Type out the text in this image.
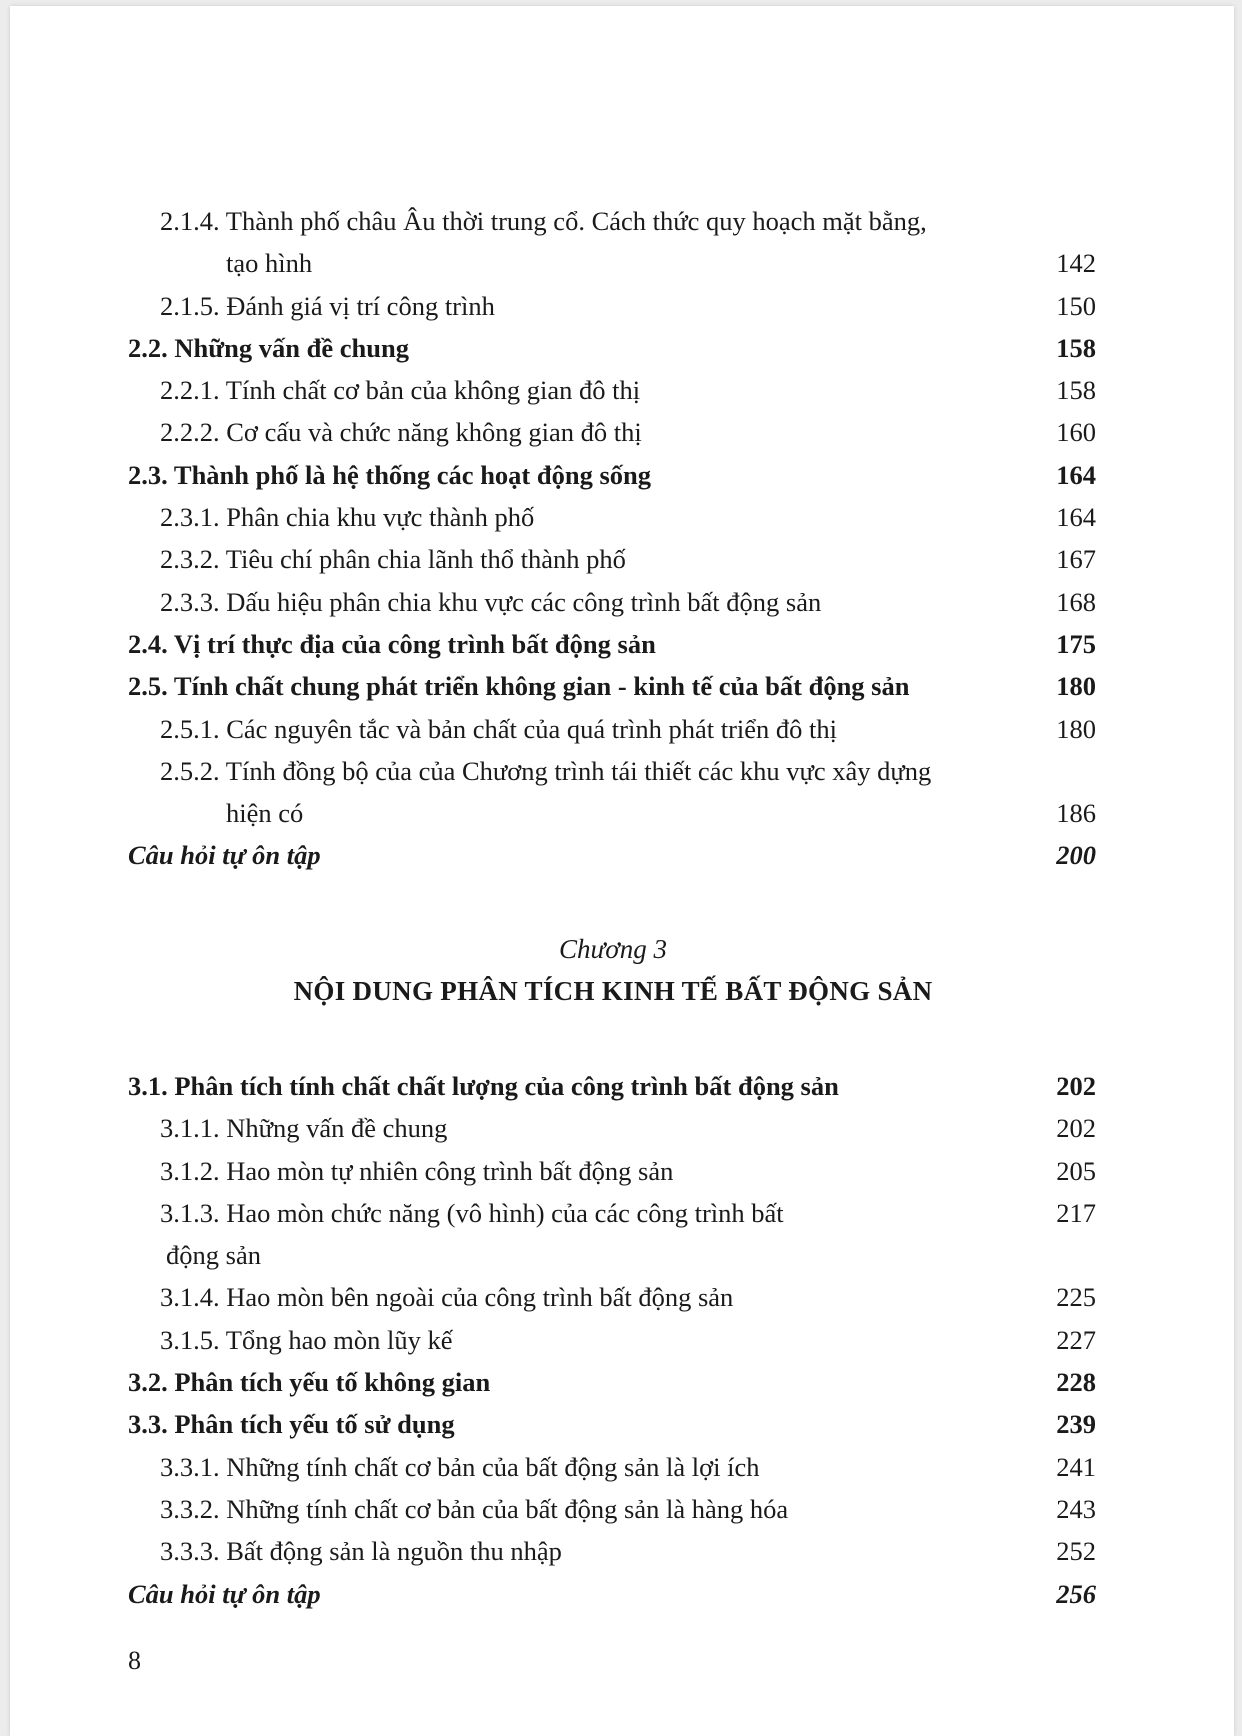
2.1.4. Thành phố châu Âu thời trung cổ. Cách thức quy hoạch mặt bằng,
tạo hình	142
2.1.5. Đánh giá vị trí công trình	150
2.2. Những vấn đề chung	158
2.2.1. Tính chất cơ bản của không gian đô thị	158
2.2.2. Cơ cấu và chức năng không gian đô thị	160
2.3. Thành phố là hệ thống các hoạt động sống	164
2.3.1. Phân chia khu vực thành phố	164
2.3.2. Tiêu chí phân chia lãnh thổ thành phố	167
2.3.3. Dấu hiệu phân chia khu vực các công trình bất động sản	168
2.4. Vị trí thực địa của công trình bất động sản	175
2.5. Tính chất chung phát triển không gian - kinh tế của bất động sản	180
2.5.1. Các nguyên tắc và bản chất của quá trình phát triển đô thị	180
2.5.2. Tính đồng bộ của của Chương trình tái thiết các khu vực xây dựng
hiện có	186
Câu hỏi tự ôn tập	200
Chương 3
NỘI DUNG PHÂN TÍCH KINH TẾ BẤT ĐỘNG SẢN
3.1. Phân tích tính chất chất lượng của công trình bất động sản	202
3.1.1. Những vấn đề chung	202
3.1.2. Hao mòn tự nhiên công trình bất động sản	205
3.1.3. Hao mòn chức năng (vô hình) của các công trình bất	217
động sản
3.1.4. Hao mòn bên ngoài của công trình bất động sản	225
3.1.5. Tổng hao mòn lũy kế	227
3.2. Phân tích yếu tố không gian	228
3.3. Phân tích yếu tố sử dụng	239
3.3.1. Những tính chất cơ bản của bất động sản là lợi ích	241
3.3.2. Những tính chất cơ bản của bất động sản là hàng hóa	243
3.3.3. Bất động sản là nguồn thu nhập	252
Câu hỏi tự ôn tập	256
8
